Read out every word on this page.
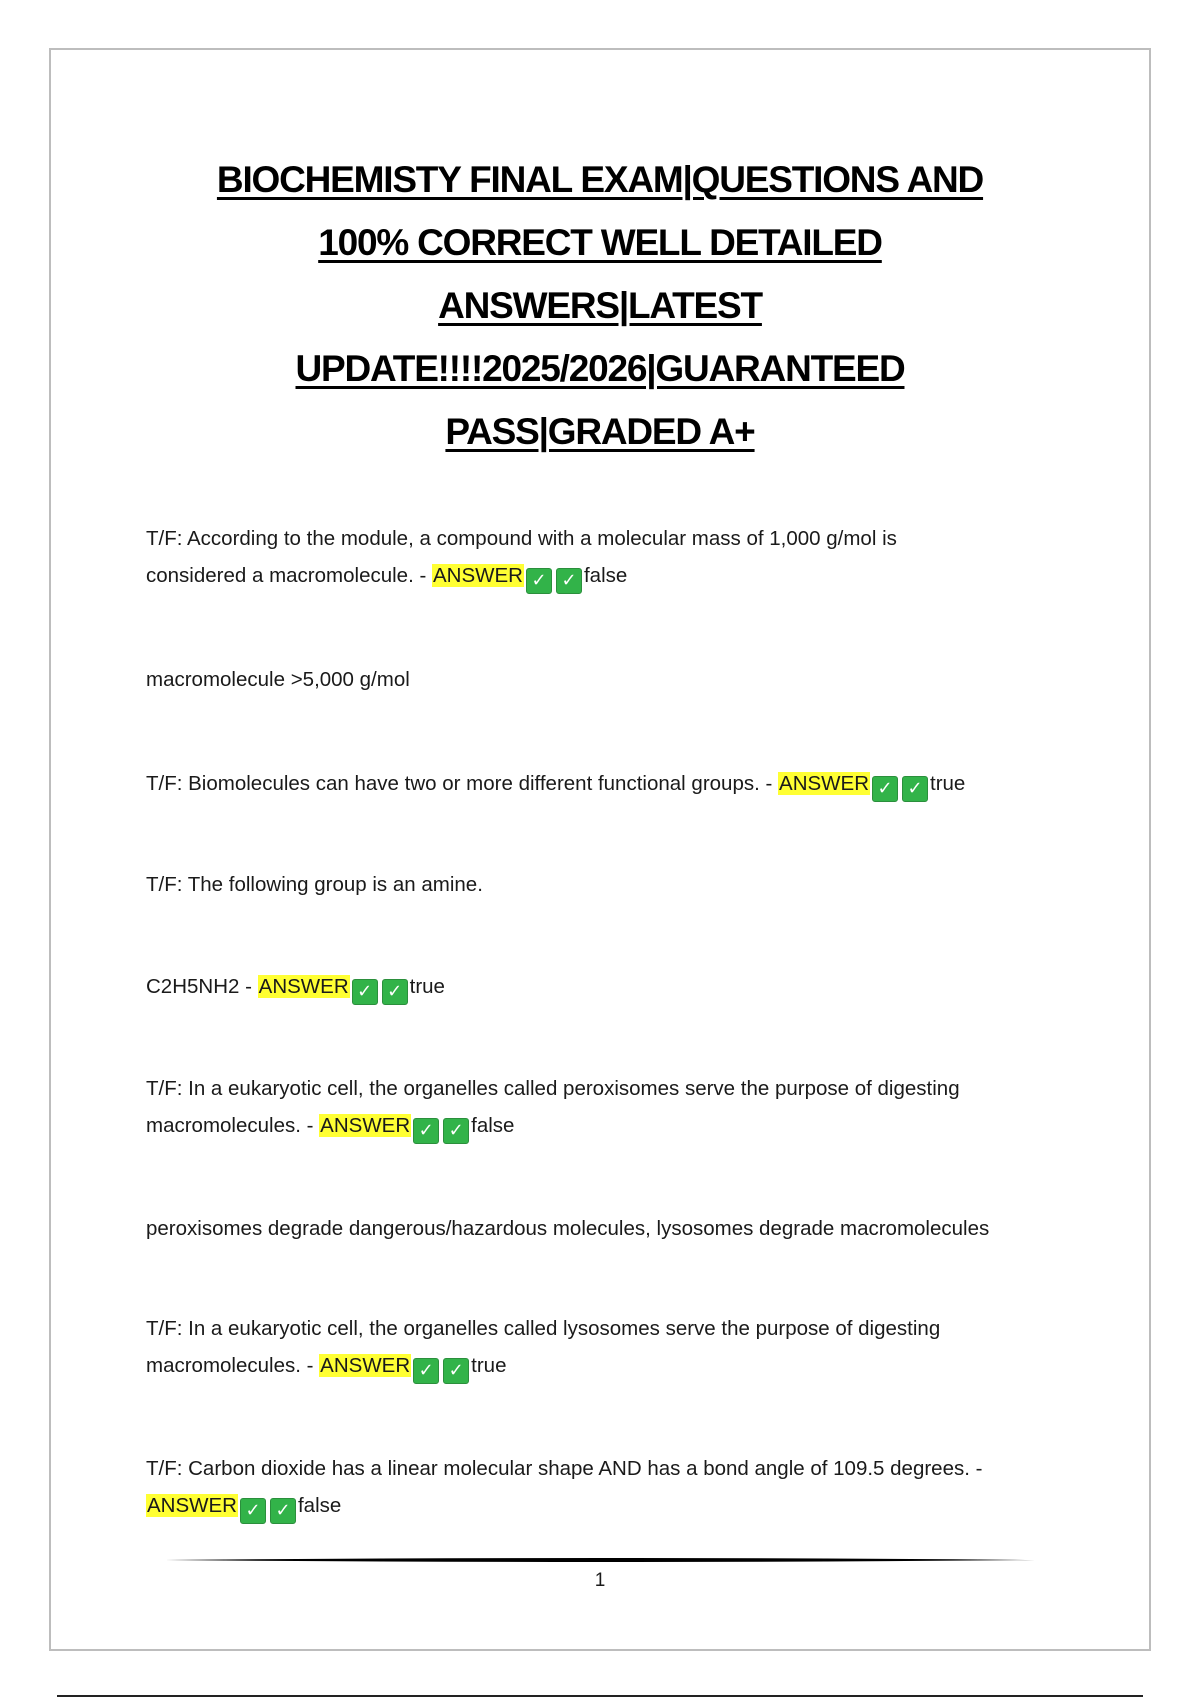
BIOCHEMISTY FINAL EXAM|QUESTIONS AND
100% CORRECT WELL DETAILED
ANSWERS|LATEST
UPDATE!!!!2025/2026|GUARANTEED
PASS|GRADED A+
T/F: According to the module, a compound with a molecular mass of 1,000 g/mol is
considered a macromolecule. - ANSWER ✓ ✓ false
macromolecule >5,000 g/mol
T/F: Biomolecules can have two or more different functional groups. - ANSWER ✓ ✓ true
T/F: The following group is an amine.
C2H5NH2 - ANSWER ✓ ✓ true
T/F: In a eukaryotic cell, the organelles called peroxisomes serve the purpose of digesting
macromolecules. - ANSWER ✓ ✓ false
peroxisomes degrade dangerous/hazardous molecules, lysosomes degrade macromolecules
T/F: In a eukaryotic cell, the organelles called lysosomes serve the purpose of digesting
macromolecules. - ANSWER ✓ ✓ true
T/F: Carbon dioxide has a linear molecular shape AND has a bond angle of 109.5 degrees. -
ANSWER ✓ ✓ false
1
